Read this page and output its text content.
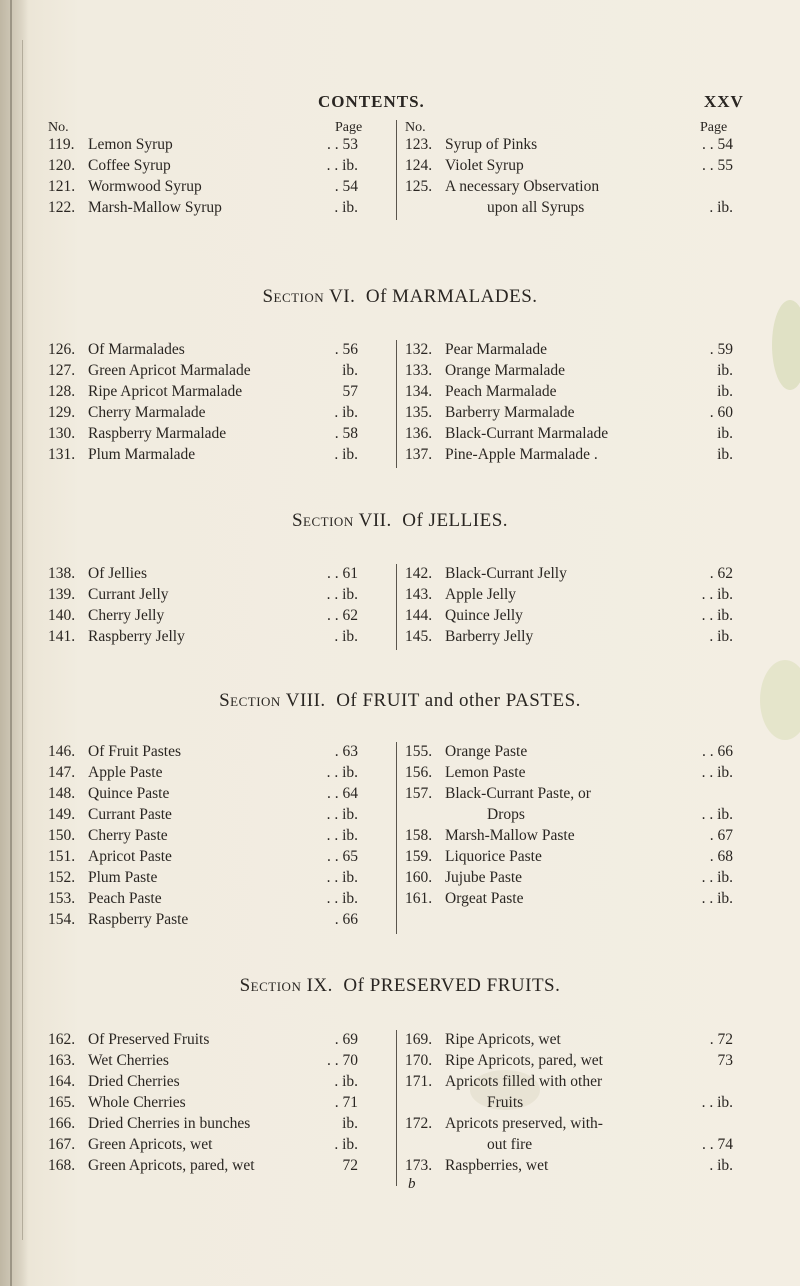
CONTENTS.	XXV
No.	Page	No.	Page
119. Lemon Syrup	. . 53
120. Coffee Syrup	. . ib.
121. Wormwood Syrup	. 54
122. Marsh-Mallow Syrup	. ib.
123. Syrup of Pinks	. . 54
124. Violet Syrup	. . 55
125. A necessary Observation
upon all Syrups	. ib.
Section VI. Of MARMALADES.
126. Of Marmalades	. 56
127. Green Apricot Marmalade	ib.
128. Ripe Apricot Marmalade	57
129. Cherry Marmalade	. ib.
130. Raspberry Marmalade	. 58
131. Plum Marmalade	. ib.
132. Pear Marmalade	. 59
133. Orange Marmalade	ib.
134. Peach Marmalade	ib.
135. Barberry Marmalade	. 60
136. Black-Currant Marmalade	ib.
137. Pine-Apple Marmalade .	ib.
Section VII. Of JELLIES.
138. Of Jellies	. . 61
139. Currant Jelly	. . ib.
140. Cherry Jelly	. . 62
141. Raspberry Jelly	. ib.
142. Black-Currant Jelly	. 62
143. Apple Jelly	. . ib.
144. Quince Jelly	. . ib.
145. Barberry Jelly	. ib.
Section VIII. Of FRUIT and other PASTES.
146. Of Fruit Pastes	. 63
147. Apple Paste	. . ib.
148. Quince Paste	. . 64
149. Currant Paste	. . ib.
150. Cherry Paste	. . ib.
151. Apricot Paste	. . 65
152. Plum Paste	. . ib.
153. Peach Paste	. . ib.
154. Raspberry Paste	. 66
155. Orange Paste	. . 66
156. Lemon Paste	. . ib.
157. Black-Currant Paste, or
Drops	. . ib.
158. Marsh-Mallow Paste	. 67
159. Liquorice Paste	. 68
160. Jujube Paste	. . ib.
161. Orgeat Paste	. . ib.
Section IX. Of PRESERVED FRUITS.
162. Of Preserved Fruits	. 69
163. Wet Cherries	. . 70
164. Dried Cherries	. ib.
165. Whole Cherries	. 71
166. Dried Cherries in bunches	ib.
167. Green Apricots, wet	. ib.
168. Green Apricots, pared, wet	72
169. Ripe Apricots, wet	. 72
170. Ripe Apricots, pared, wet	73
171. Apricots filled with other
Fruits	. . ib.
172. Apricots preserved, with-
out fire	. . 74
173. Raspberries, wet	. ib.
b
